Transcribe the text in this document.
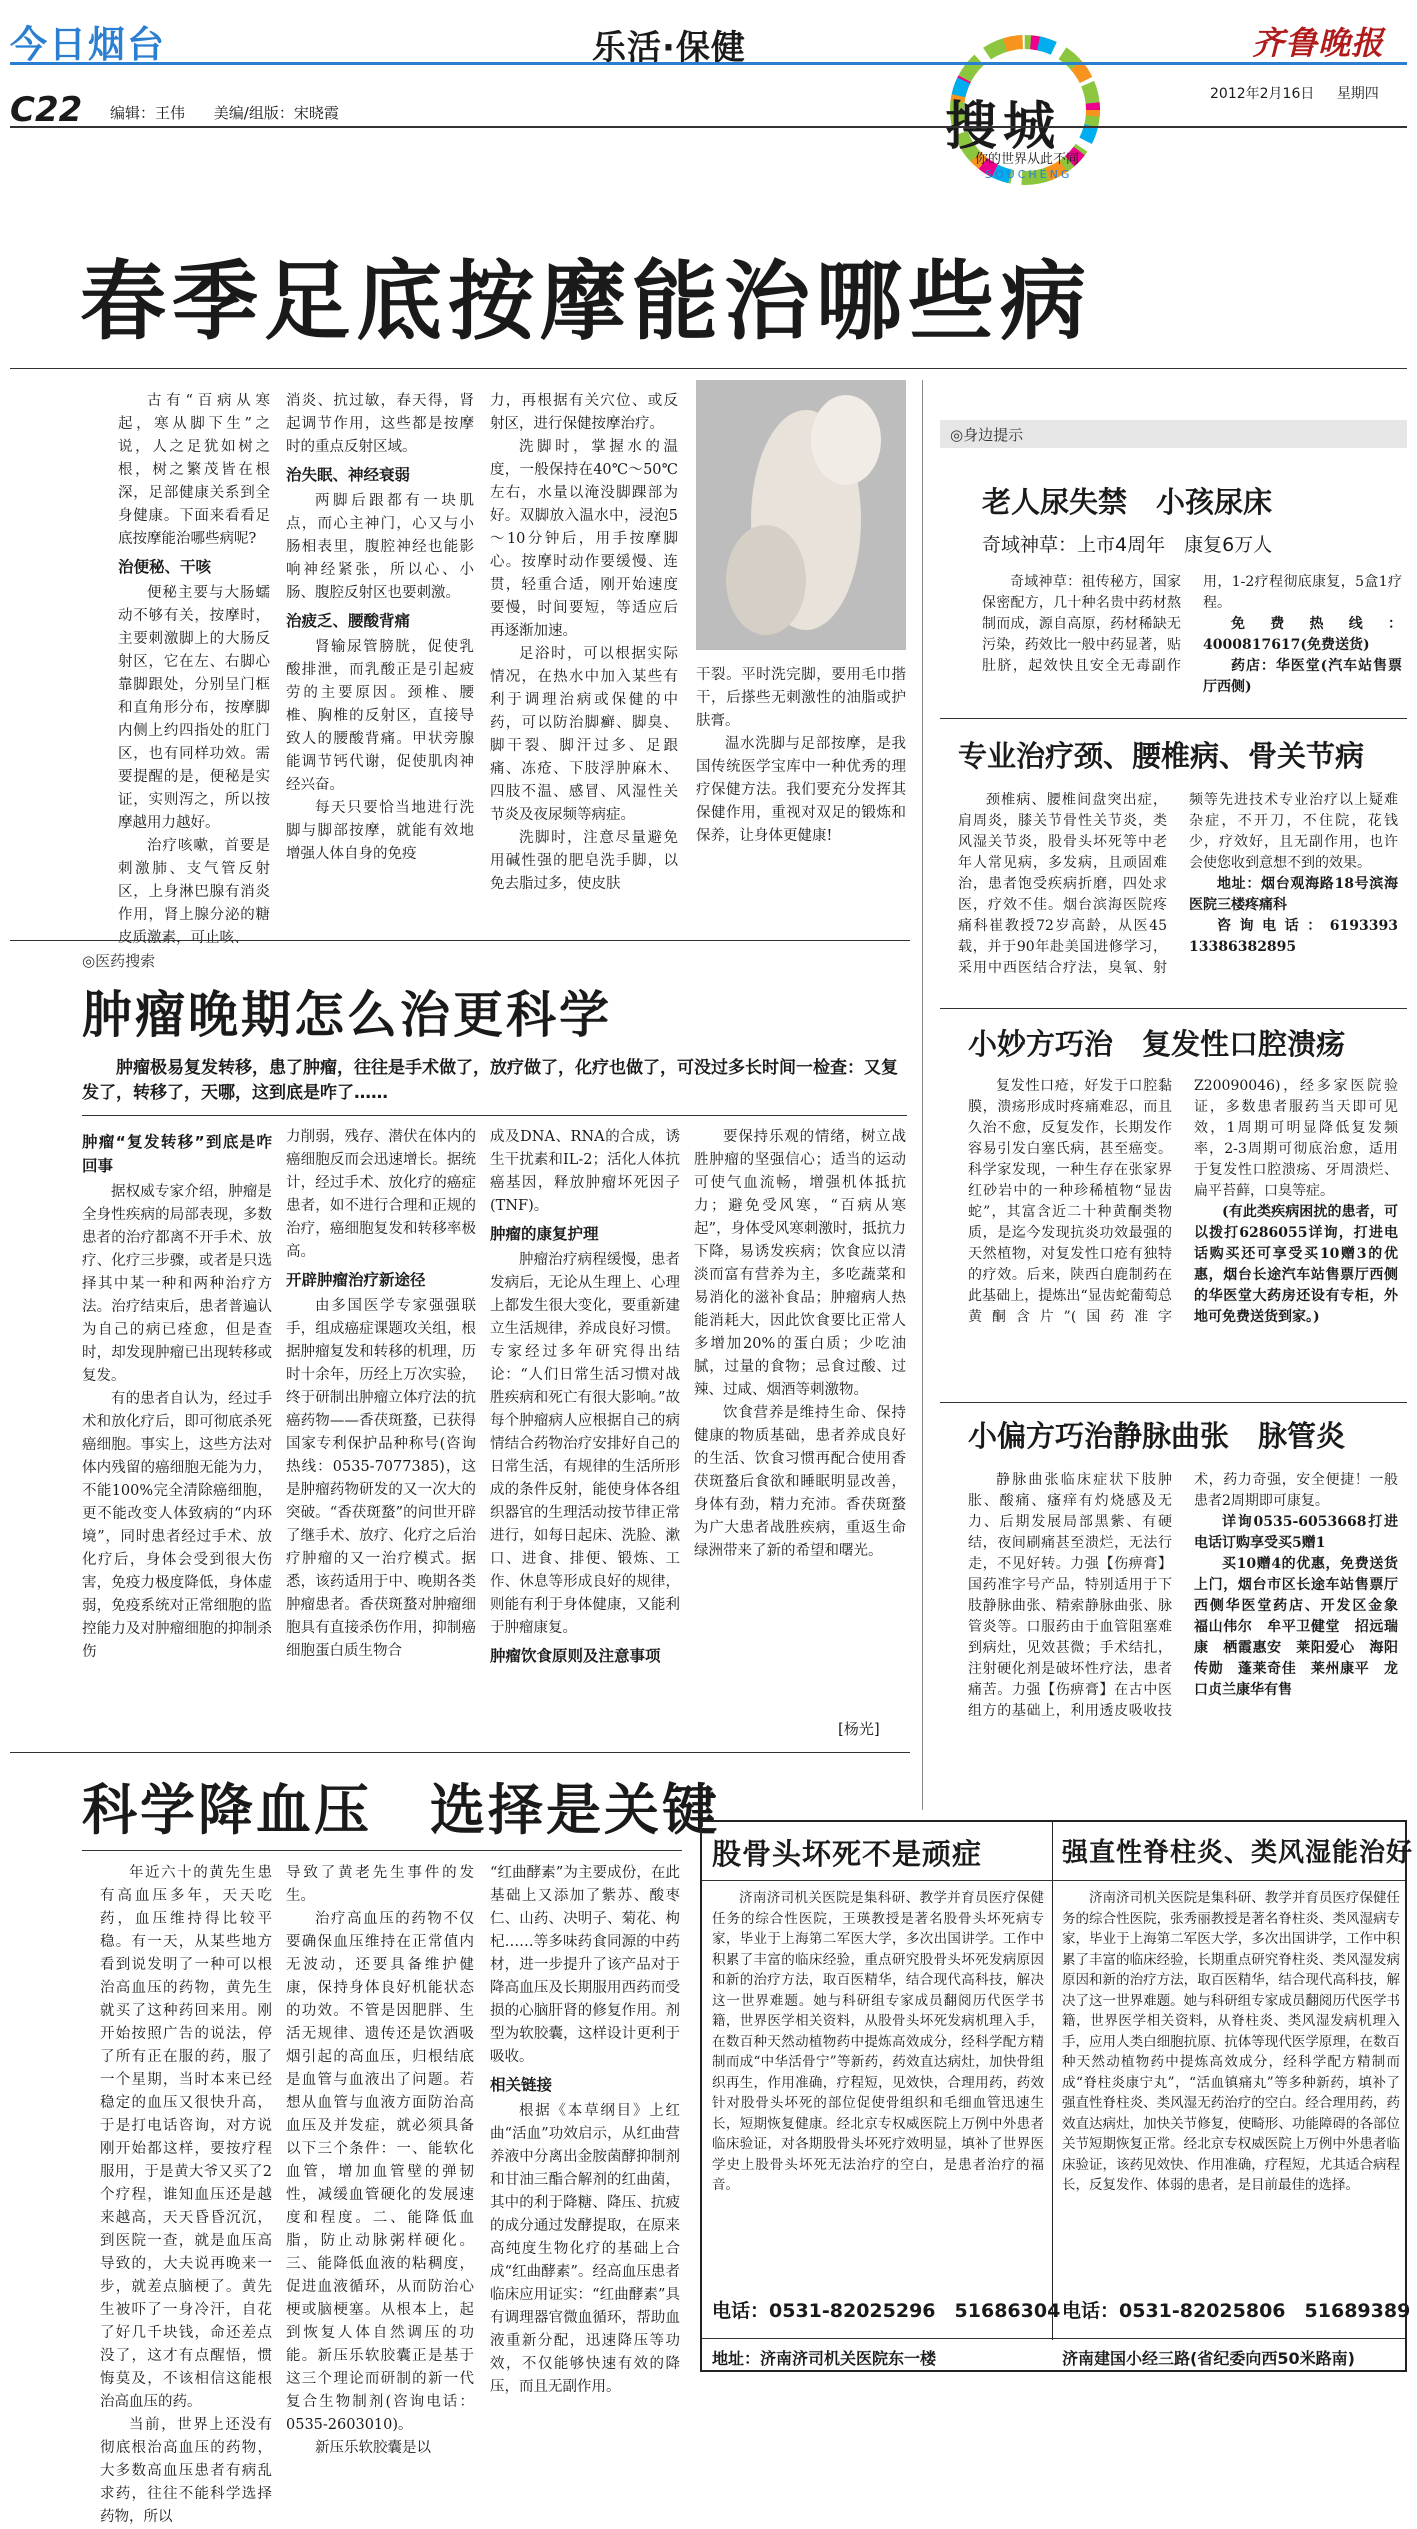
今日烟台	乐活·保健	齐鲁晚报
搜城
你的世界从此不同
SOUCHENG
C22 编辑：王伟 美编/组版：宋晓霞
2012年2月16日 星期四
春季足底按摩能治哪些病

古有“百病从寒起，寒从脚下生”之说，人之足犹如树之根，树之繁茂皆在根深，足部健康关系到全身健康。下面来看看足底按摩能治哪些病呢?

治便秘、干咳

便秘主要与大肠蠕动不够有关，按摩时，主要刺激脚上的大肠反射区，它在左、右脚心靠脚跟处，分别呈门框和直角形分布，按摩脚内侧上约四指处的肛门区，也有同样功效。需要提醒的是，便秘是实证，实则泻之，所以按摩越用力越好。

治疗咳嗽，首要是刺激肺、支气管反射区，上身淋巴腺有消炎作用，肾上腺分泌的糖皮质激素，可止咳、

消炎、抗过敏，春天得，肾起调节作用，这些都是按摩时的重点反射区域。

治失眠、神经衰弱

两脚后跟都有一块肌点，而心主神门，心又与小肠相表里，腹腔神经也能影响神经紧张，所以心、小肠、腹腔反射区也要刺激。

治疲乏、腰酸背痛

肾输尿管膀胱，促使乳酸排泄，而乳酸正是引起疲劳的主要原因。颈椎、腰椎、胸椎的反射区，直接导致人的腰酸背痛。甲状旁腺能调节钙代谢，促使肌肉神经兴奋。

每天只要恰当地进行洗脚与脚部按摩，就能有效地增强人体自身的免疫

力，再根据有关穴位、或反射区，进行保健按摩治疗。

洗脚时，掌握水的温度，一般保持在40℃～50℃左右，水量以淹没脚踝部为好。双脚放入温水中，浸泡5～10分钟后，用手按摩脚心。按摩时动作要缓慢、连贯，轻重合适，刚开始速度要慢，时间要短，等适应后再逐渐加速。

足浴时，可以根据实际情况，在热水中加入某些有利于调理治病或保健的中药，可以防治脚癣、脚臭、脚干裂、脚汗过多、足跟痛、冻疮、下肢浮肿麻木、四肢不温、感冒、风湿性关节炎及夜尿频等病症。

洗脚时，注意尽量避免用碱性强的肥皂洗手脚，以免去脂过多，使皮肤

干裂。平时洗完脚，要用毛巾揩干，后搽些无刺激性的油脂或护肤膏。

温水洗脚与足部按摩，是我国传统医学宝库中一种优秀的理疗保健方法。我们要充分发挥其保健作用，重视对双足的锻炼和保养，让身体更健康!

◎医药搜索
肿瘤晚期怎么治更科学
肿瘤极易复发转移，患了肿瘤，往往是手术做了，放疗做了，化疗也做了，可没过多长时间一检查：又复发了，转移了，天哪，这到底是咋了……
肿瘤“复发转移”到底是咋回事

据权威专家介绍，肿瘤是全身性疾病的局部表现，多数患者的治疗都离不开手术、放疗、化疗三步骤，或者是只选择其中某一种和两种治疗方法。治疗结束后，患者普遍认为自己的病已痊愈，但是查时，却发现肿瘤已出现转移或复发。

有的患者自认为，经过手术和放化疗后，即可彻底杀死癌细胞。事实上，这些方法对体内残留的癌细胞无能为力，不能100%完全清除癌细胞，更不能改变人体致病的“内环境”，同时患者经过手术、放化疗后，身体会受到很大伤害，免疫力极度降低，身体虚弱，免疫系统对正常细胞的监控能力及对肿瘤细胞的抑制杀伤

力削弱，残存、潜伏在体内的癌细胞反而会迅速增长。据统计，经过手术、放化疗的癌症患者，如不进行合理和正规的治疗，癌细胞复发和转移率极高。

开辟肿瘤治疗新途径

由多国医学专家强强联手，组成癌症课题攻关组，根据肿瘤复发和转移的机理，历时十余年，历经上万次实验，终于研制出肿瘤立体疗法的抗癌药物——香茯斑蝥，已获得国家专利保护品种称号(咨询热线：0535-7077385)，这是肿瘤药物研发的又一次大的突破。“香茯斑蝥”的问世开辟了继手术、放疗、化疗之后治疗肿瘤的又一治疗模式。据悉，该药适用于中、晚期各类肿瘤患者。香茯斑蝥对肿瘤细胞具有直接杀伤作用，抑制癌细胞蛋白质生物合

成及DNA、RNA的合成，诱生干扰素和IL-2；活化人体抗癌基因，释放肿瘤坏死因子(TNF)。

肿瘤的康复护理

肿瘤治疗病程缓慢，患者发病后，无论从生理上、心理上都发生很大变化，要重新建立生活规律，养成良好习惯。专家经过多年研究得出结论：“人们日常生活习惯对战胜疾病和死亡有很大影响。”故每个肿瘤病人应根据自己的病情结合药物治疗安排好自己的日常生活，有规律的生活所形成的条件反射，能使身体各组织器官的生理活动按节律正常进行，如每日起床、洗脸、漱口、进食、排便、锻炼、工作、休息等形成良好的规律，则能有利于身体健康，又能利于肿瘤康复。

肿瘤饮食原则及注意事项

要保持乐观的情绪，树立战胜肿瘤的坚强信心；适当的运动可使气血流畅，增强机体抵抗力；避免受风寒，“百病从寒起”，身体受风寒刺激时，抵抗力下降，易诱发疾病；饮食应以清淡而富有营养为主，多吃蔬菜和易消化的滋补食品；肿瘤病人热能消耗大，因此饮食要比正常人多增加20%的蛋白质；少吃油腻，过量的食物；忌食过酸、过辣、过咸、烟酒等刺激物。

饮食营养是维持生命、保持健康的物质基础，患者养成良好的生活、饮食习惯再配合使用香茯斑蝥后食欲和睡眠明显改善，身体有劲，精力充沛。香茯斑蝥为广大患者战胜疾病，重返生命绿洲带来了新的希望和曙光。

[杨光]
科学降血压　选择是关键

年近六十的黄先生患有高血压多年，天天吃药，血压维持得比较平稳。有一天，从某些地方看到说发明了一种可以根治高血压的药物，黄先生就买了这种药回来用。刚开始按照广告的说法，停了所有正在服的药，服了一个星期，当时本来已经稳定的血压又很快升高，于是打电话咨询，对方说刚开始都这样，要按疗程服用，于是黄大爷又买了2个疗程，谁知血压还是越来越高，天天昏昏沉沉，到医院一查，就是血压高导致的，大夫说再晚来一步，就差点脑梗了。黄先生被吓了一身冷汗，自花了好几千块钱，命还差点没了，这才有点醒悟，惯悔莫及，不该相信这能根治高血压的药。

当前，世界上还没有彻底根治高血压的药物，大多数高血压患者有病乱求药，往往不能科学选择药物，所以

导致了黄老先生事件的发生。

治疗高血压的药物不仅要确保血压维持在正常值内无波动，还要具备维护健康，保持身体良好机能状态的功效。不管是因肥胖、生活无规律、遗传还是饮酒吸烟引起的高血压，归根结底是血管与血液出了问题。若想从血管与血液方面防治高血压及并发症，就必须具备以下三个条件：一、能软化血管，增加血管壁的弹韧性，减缓血管硬化的发展速度和程度。二、能降低血脂，防止动脉粥样硬化。三、能降低血液的粘稠度，促进血液循环，从而防治心梗或脑梗塞。从根本上，起到恢复人体自然调压的功能。新压乐软胶囊正是基于这三个理论而研制的新一代复合生物制剂(咨询电话：0535-2603010)。

新压乐软胶囊是以

“红曲酵素”为主要成份，在此基础上又添加了紫苏、酸枣仁、山药、决明子、菊花、枸杞……等多味药食同源的中药材，进一步提升了该产品对于降高血压及长期服用西药而受损的心脑肝肾的修复作用。剂型为软胶囊，这样设计更利于吸收。

相关链接

根据《本草纲目》上红曲“活血”功效启示，从红曲营养液中分离出金胺菌酵抑制剂和甘油三酯合解剂的红曲菌，其中的利于降糖、降压、抗疲的成分通过发酵提取，在原来高纯度生物化疗的基础上合成“红曲酵素”。经高血压患者临床应用证实：“红曲酵素”具有调理器官微血循环，帮助血液重新分配，迅速降压等功效，不仅能够快速有效的降压，而且无副作用。

◎身边提示
老人尿失禁　小孩尿床
奇域神草：上市4周年　康复6万人

奇域神草：祖传秘方，国家保密配方，几十种名贵中药材熬制而成，源自高原，药材稀缺无污染，药效比一般中药显著，贴肚脐，起效快且安全无毒副作用，1-2疗程彻底康复，5盒1疗程。

免费热线：4000817617(免费送货)

药店：华医堂(汽车站售票厅西侧)

专业治疗颈、腰椎病、骨关节病

颈椎病、腰椎间盘突出症，肩周炎，膝关节骨性关节炎，类风湿关节炎，股骨头坏死等中老年人常见病，多发病，且顽固难治，患者饱受疾病折磨，四处求医，疗效不佳。烟台滨海医院疼痛科崔教授72岁高龄，从医45载，并于90年赴美国进修学习，采用中西医结合疗法，臭氧、射频等先进技术专业治疗以上疑难杂症，不开刀，不住院，花钱少，疗效好，且无副作用，也许会使您收到意想不到的效果。

地址：烟台观海路18号滨海医院三楼疼痛科

咨询电话：6193393　13386382895

小妙方巧治　复发性口腔溃疡

复发性口疮，好发于口腔黏膜，溃疡形成时疼痛难忍，而且久治不愈，反复发作，长期发作容易引发白塞氏病，甚至癌变。科学家发现，一种生存在张家界红砂岩中的一种珍稀植物“显齿蛇”，其富含近二十种黄酮类物质，是迄今发现抗炎功效最强的天然植物，对复发性口疮有独特的疗效。后来，陕西白鹿制药在此基础上，提炼出“显齿蛇葡萄总黄酮含片”(国药准字Z20090046)，经多家医院验证，多数患者服药当天即可见效，1周期可明显降低复发频率，2-3周期可彻底治愈，适用于复发性口腔溃疡、牙周溃烂、扁平苔藓，口臭等症。

(有此类疾病困扰的患者，可以拨打6286055详询，打进电话购买还可享受买10赠3的优惠，烟台长途汽车站售票厅西侧的华医堂大药房还设有专柜，外地可免费送货到家。)

小偏方巧治静脉曲张　脉管炎

静脉曲张临床症状下肢肿胀、酸痛、瘙痒有灼烧感及无力、后期发展局部黑紫、有硬结，夜间刷痛甚至溃烂，无法行走，不见好转。力强【伤痹膏】国药准字号产品，特别适用于下肢静脉曲张、精索静脉曲张、脉管炎等。口服药由于血管阻塞难到病灶，见效甚微；手术结扎，注射硬化剂是破坏性疗法，患者痛苦。力强【伤痹膏】在古中医组方的基础上，利用透皮吸收技术，药力奇强，安全便捷！一般患者2周期即可康复。

详询0535-6053668打进电话订购享受买5赠1

买10赠4的优惠，免费送货上门，烟台市区长途车站售票厅西侧华医堂药店、开发区金象　福山伟尔　牟平卫健堂　招远瑞康　栖霞惠安　莱阳爱心　海阳传勋　蓬莱奇佳　莱州康平　龙口贞兰康华有售

股骨头坏死不是顽症	强直性脊柱炎、类风湿能治好

济南济司机关医院是集科研、教学并育员医疗保健任务的综合性医院，王瑛教授是著名股骨头坏死病专家，毕业于上海第二军医大学，多次出国讲学。工作中积累了丰富的临床经验，重点研究股骨头坏死发病原因和新的治疗方法，取百医精华，结合现代高科技，解决这一世界难题。她与科研组专家成员翻阅历代医学书籍，世界医学相关资料，从股骨头坏死发病机理入手，在数百种天然动植物药中提炼高效成分，经科学配方精制而成“中华活骨宁”等新药，药效直达病灶，加快骨组织再生，作用准确，疗程短，见效快，合理用药，药效针对股骨头坏死的部位促使骨组织和毛细血管迅速生长，短期恢复健康。经北京专权威医院上万例中外患者临床验证，对各期股骨头坏死疗效明显，填补了世界医学史上股骨头坏死无法治疗的空白，是患者治疗的福音。

济南济司机关医院是集科研、教学并育员医疗保健任务的综合性医院，张秀丽教授是著名脊柱炎、类风湿病专家，毕业于上海第二军医大学，多次出国讲学，工作中积累了丰富的临床经验，长期重点研究脊柱炎、类风湿发病原因和新的治疗方法，取百医精华，结合现代高科技，解决了这一世界难题。她与科研组专家成员翻阅历代医学书籍，世界医学相关资料，从脊柱炎、类风湿发病机理入手，应用人类白细胞抗原、抗体等现代医学原理，在数百种天然动植物药中提炼高效成分，经科学配方精制而成“脊柱炎康宁丸”，“活血镇痛丸”等多种新药，填补了强直性脊柱炎、类风湿无药治疗的空白。经合理用药，药效直达病灶，加快关节修复，使畸形、功能障碍的各部位关节短期恢复正常。经北京专权威医院上万例中外患者临床验证，该药见效快、作用准确，疗程短，尤其适合病程长，反复发作、体弱的患者，是目前最佳的选择。

电话：0531-82025296　51686304 电话：0531-82025806　51689389
地址：济南济司机关医院东一楼	济南建国小经三路(省纪委向西50米路南)
